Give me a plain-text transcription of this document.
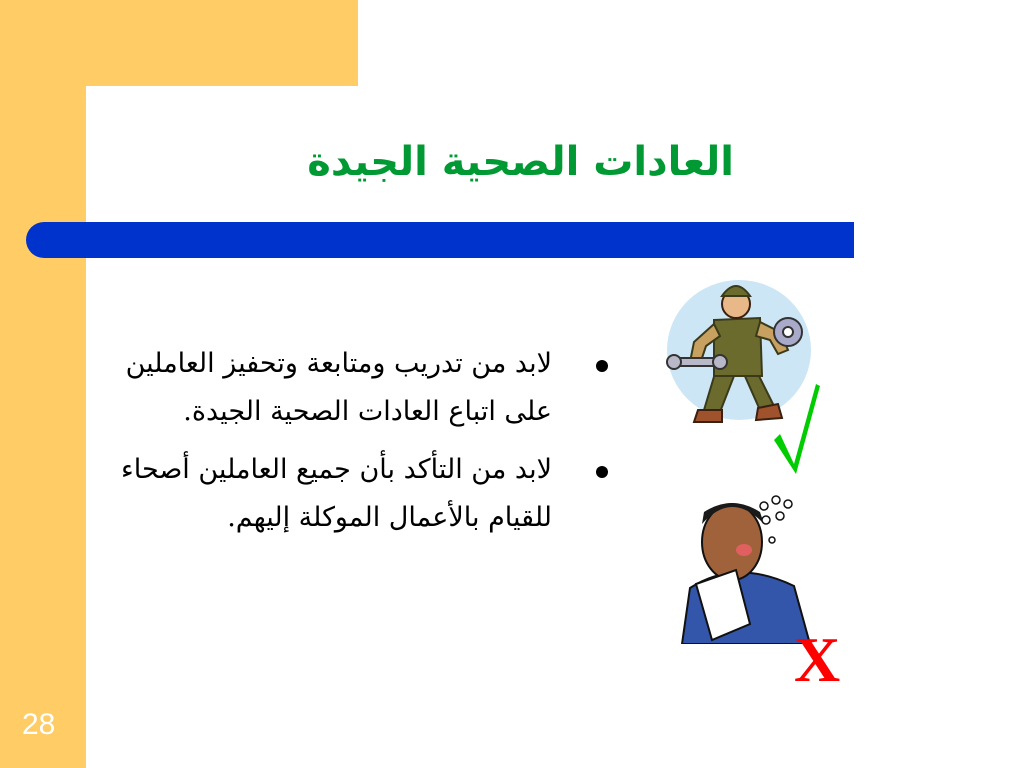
العادات الصحية الجيدة
لابد من تدريب ومتابعة وتحفيز العاملين على اتباع العادات الصحية الجيدة.
لابد من التأكد بأن جميع العاملين أصحاء للقيام بالأعمال الموكلة إليهم.
X
28
